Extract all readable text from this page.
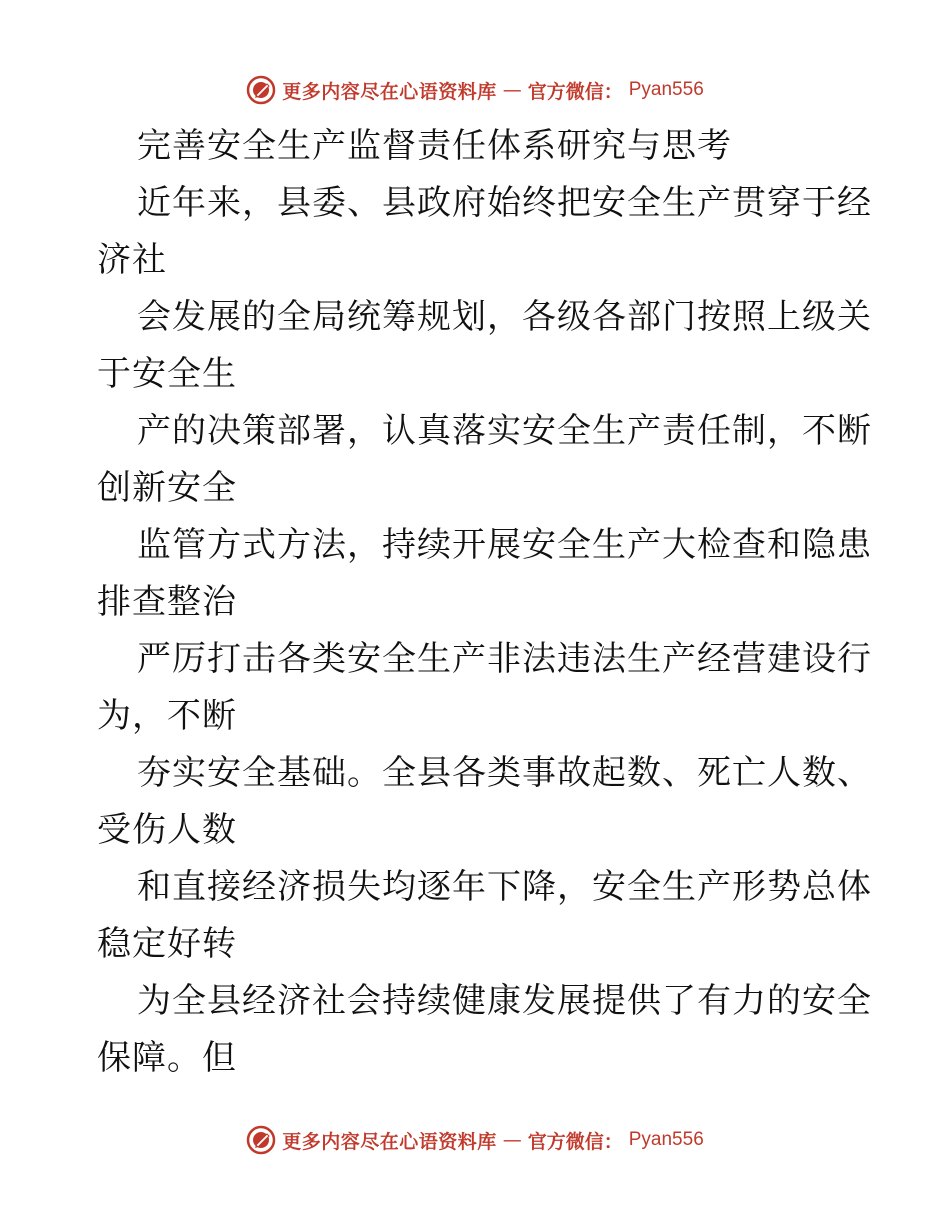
更多内容尽在心语资料库 — 官方微信： Pyan556
完善安全生产监督责任体系研究与思考
近年来，县委、县政府始终把安全生产贯穿于经
济社
会发展的全局统筹规划，各级各部门按照上级关
于安全生
产的决策部署，认真落实安全生产责任制，不断
创新安全
监管方式方法，持续开展安全生产大检查和隐患
排查整治
严厉打击各类安全生产非法违法生产经营建设行
为，不断
夯实安全基础。全县各类事故起数、死亡人数、
受伤人数
和直接经济损失均逐年下降，安全生产形势总体
稳定好转
为全县经济社会持续健康发展提供了有力的安全
保障。但
更多内容尽在心语资料库 — 官方微信： Pyan556
